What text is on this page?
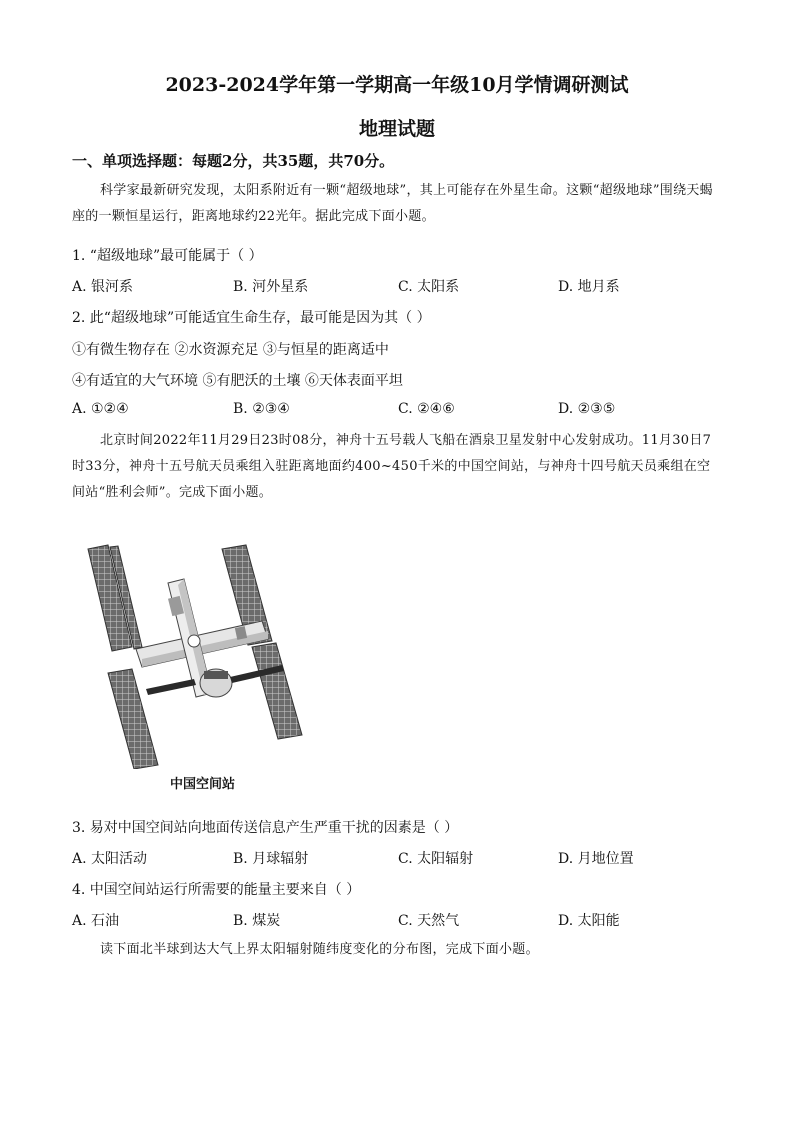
2023-2024学年第一学期高一年级10月学情调研测试
地理试题
一、单项选择题：每题2分，共35题，共70分。
科学家最新研究发现，太阳系附近有一颗“超级地球”，其上可能存在外星生命。这颗“超级地球”围绕天蝎座的一颗恒星运行，距离地球约22光年。据此完成下面小题。
1. “超级地球”最可能属于（ ）
A. 银河系	B. 河外星系	C. 太阳系	D. 地月系
2. 此“超级地球”可能适宜生命生存，最可能是因为其（ ）
①有微生物存在 ②水资源充足 ③与恒星的距离适中
④有适宜的大气环境 ⑤有肥沃的土壤 ⑥天体表面平坦
A. ①②④	B. ②③④	C. ②④⑥	D. ②③⑤
北京时间2022年11月29日23时08分，神舟十五号载人飞船在酒泉卫星发射中心发射成功。11月30日7时33分，神舟十五号航天员乘组入驻距离地面约400~450千米的中国空间站，与神舟十四号航天员乘组在空间站“胜利会师”。完成下面小题。
中国空间站
3. 易对中国空间站向地面传送信息产生严重干扰的因素是（ ）
A. 太阳活动	B. 月球辐射	C. 太阳辐射	D. 月地位置
4. 中国空间站运行所需要的能量主要来自（ ）
A. 石油	B. 煤炭	C. 天然气	D. 太阳能
读下面北半球到达大气上界太阳辐射随纬度变化的分布图，完成下面小题。
